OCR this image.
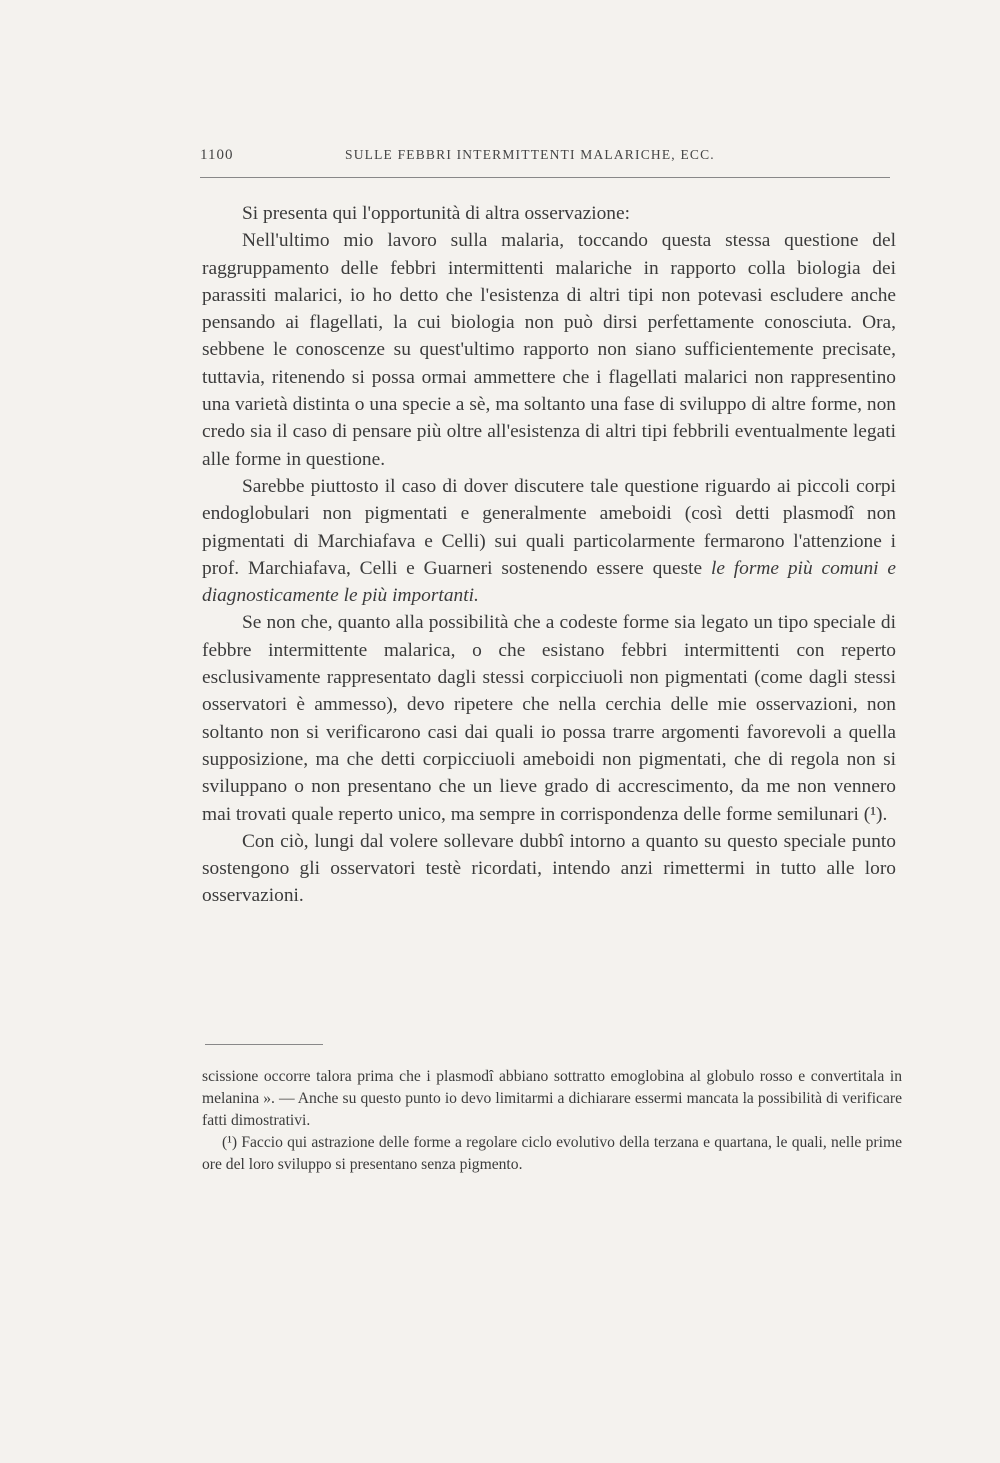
1100	SULLE FEBBRI INTERMITTENTI MALARICHE, ECC.

Si presenta qui l'opportunità di altra osservazione:

Nell'ultimo mio lavoro sulla malaria, toccando questa stessa questione del raggruppamento delle febbri intermittenti malariche in rapporto colla biologia dei parassiti malarici, io ho detto che l'esistenza di altri tipi non potevasi escludere anche pensando ai flagellati, la cui biologia non può dirsi perfettamente conosciuta. Ora, sebbene le conoscenze su quest'ultimo rapporto non siano sufficientemente precisate, tuttavia, ritenendo si possa ormai ammettere che i flagellati malarici non rappresentino una varietà distinta o una specie a sè, ma soltanto una fase di sviluppo di altre forme, non credo sia il caso di pensare più oltre all'esistenza di altri tipi febbrili eventualmente legati alle forme in questione.

Sarebbe piuttosto il caso di dover discutere tale questione riguardo ai piccoli corpi endoglobulari non pigmentati e generalmente ameboidi (così detti plasmodî non pigmentati di Marchiafava e Celli) sui quali particolarmente fermarono l'attenzione i prof. Marchiafava, Celli e Guarneri sostenendo essere queste le forme più comuni e diagnosticamente le più importanti.

Se non che, quanto alla possibilità che a codeste forme sia legato un tipo speciale di febbre intermittente malarica, o che esistano febbri intermittenti con reperto esclusivamente rappresentato dagli stessi corpicciuoli non pigmentati (come dagli stessi osservatori è ammesso), devo ripetere che nella cerchia delle mie osservazioni, non soltanto non si verificarono casi dai quali io possa trarre argomenti favorevoli a quella supposizione, ma che detti corpicciuoli ameboidi non pigmentati, che di regola non si sviluppano o non presentano che un lieve grado di accrescimento, da me non vennero mai trovati quale reperto unico, ma sempre in corrispondenza delle forme semilunari (¹).

Con ciò, lungi dal volere sollevare dubbî intorno a quanto su questo speciale punto sostengono gli osservatori testè ricordati, intendo anzi rimettermi in tutto alle loro osservazioni.

scissione occorre talora prima che i plasmodî abbiano sottratto emoglobina al globulo rosso e convertitala in melanina ». — Anche su questo punto io devo limitarmi a dichiarare essermi mancata la possibilità di verificare fatti dimostrativi.

(¹) Faccio qui astrazione delle forme a regolare ciclo evolutivo della terzana e quartana, le quali, nelle prime ore del loro sviluppo si presentano senza pigmento.
